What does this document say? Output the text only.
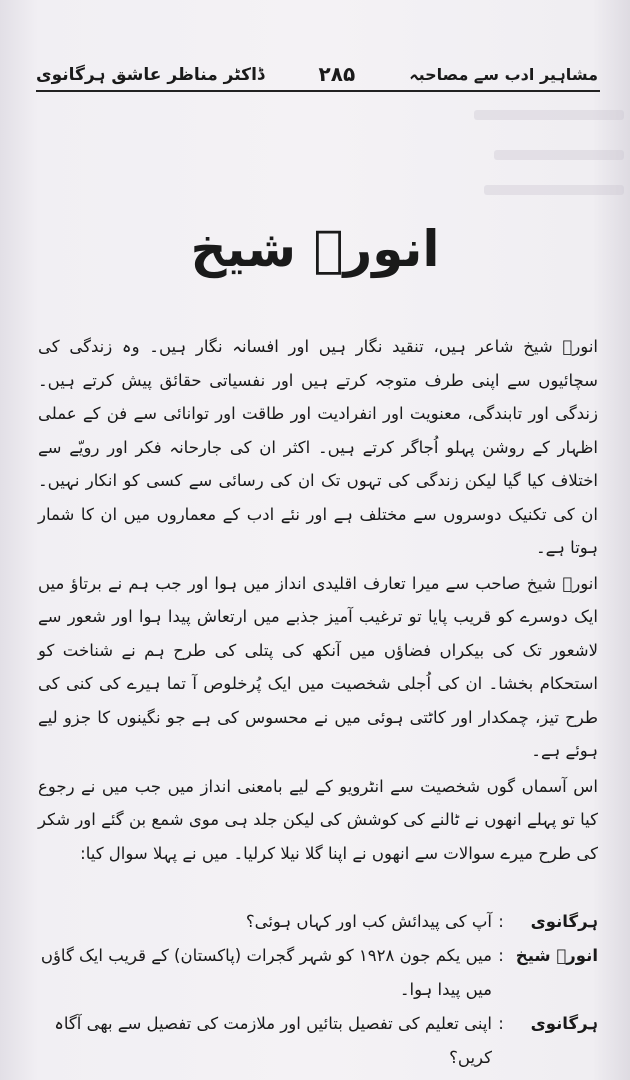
مشاہیر ادب سے مصاحبہ
۲۸۵
ڈاکٹر مناظر عاشق ہرگانوی
انورؔ شیخ

انورؔ شیخ شاعر ہیں، تنقید نگار ہیں اور افسانہ نگار ہیں۔ وہ زندگی کی سچائیوں سے اپنی طرف متوجہ کرتے ہیں اور نفسیاتی حقائق پیش کرتے ہیں۔ زندگی اور تابندگی، معنویت اور انفرادیت اور طاقت اور توانائی سے فن کے عملی اظہار کے روشن پہلو اُجاگر کرتے ہیں۔ اکثر ان کی جارحانہ فکر اور رویّے سے اختلاف کیا گیا لیکن زندگی کی تہوں تک ان کی رسائی سے کسی کو انکار نہیں۔ ان کی تکنیک دوسروں سے مختلف ہے اور نئے ادب کے معماروں میں ان کا شمار ہوتا ہے۔

انورؔ شیخ صاحب سے میرا تعارف اقلیدی انداز میں ہوا اور جب ہم نے برتاؤ میں ایک دوسرے کو قریب پایا تو ترغیب آمیز جذبے میں ارتعاش پیدا ہوا اور شعور سے لاشعور تک کی بیکراں فضاؤں میں آنکھ کی پتلی کی طرح ہم نے شناخت کو استحکام بخشا۔ ان کی اُجلی شخصیت میں ایک پُرخلوص آ تما ہیرے کی کنی کی طرح تیز، چمکدار اور کاٹتی ہوئی میں نے محسوس کی ہے جو نگینوں کا جزو لیے ہوئے ہے۔

اس آسماں گوں شخصیت سے انٹرویو کے لیے بامعنی انداز میں جب میں نے رجوع کیا تو پہلے انھوں نے ٹالنے کی کوشش کی لیکن جلد ہی موی شمع بن گئے اور شکر کی طرح میرے سوالات سے انھوں نے اپنا گلا نیلا کرلیا۔ میں نے پہلا سوال کیا:

ہرگانوی
:
آپ کی پیدائش کب اور کہاں ہوئی؟
انورؔ شیخ
:
میں یکم جون ۱۹۲۸ کو شہر گجرات (پاکستان) کے قریب ایک گاؤں میں پیدا ہوا۔
ہرگانوی
:
اپنی تعلیم کی تفصیل بتائیں اور ملازمت کی تفصیل سے بھی آگاہ کریں؟
